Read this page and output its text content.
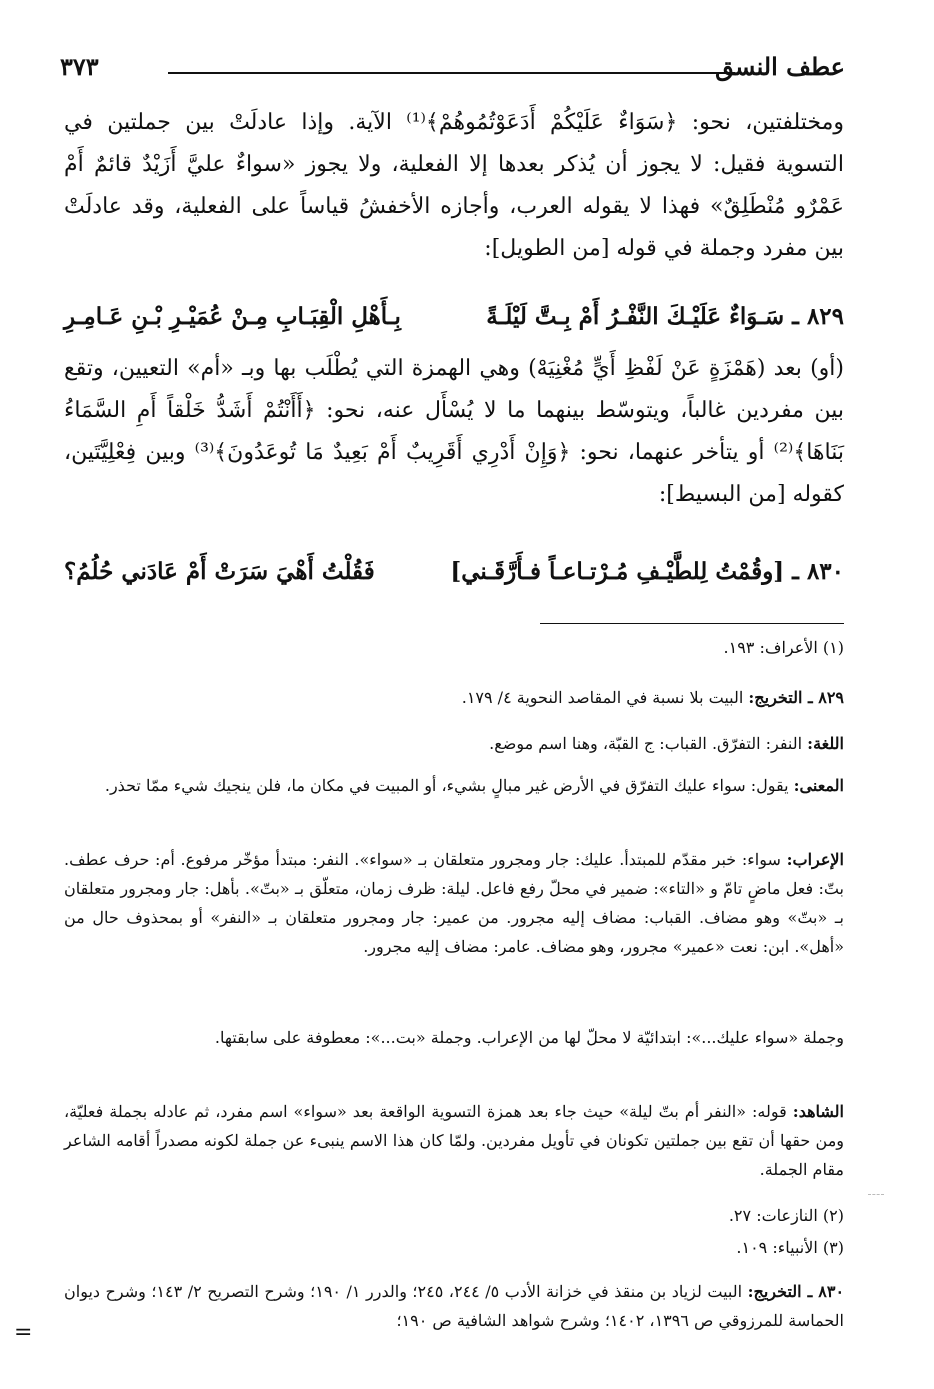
عطف النسق
٣٧٣

ومختلفتين، نحو: ﴿سَوَاءٌ عَلَيْكُمْ أَدَعَوْتُمُوهُمْ﴾⁽¹⁾ الآية. وإذا عادلَتْ بين جملتين في التسوية فقيل: لا يجوز أن يُذكر بعدها إلا الفعلية، ولا يجوز «سواءٌ عليَّ أَزَيْدٌ قائمٌ أَمْ عَمْرٌو مُنْطَلِقٌ» فهذا لا يقوله العرب، وأجازه الأخفشُ قياساً على الفعلية، وقد عادلَتْ بين مفرد وجملة في قوله [من الطويل]:

٨٢٩ ـ سَـوَاءٌ عَلَيْـكَ النَّفْـرُ أَمْ بِـتَّ لَيْلَـةً
بِـأَهْلِ الْقِبَـابِ مِـنْ عُمَيْـرِ بْـنِ عَـامِـرِ

(أو) بعد (هَمْزَةٍ عَنْ لَفْظِ أَيٍّ مُغْنِيَهْ) وهي الهمزة التي يُطْلَب بها وبـ «أم» التعيين، وتقع بين مفردين غالباً، ويتوسّط بينهما ما لا يُسْأَل عنه، نحو: ﴿أَأَنْتُمْ أَشَدُّ خَلْقاً أَمِ السَّمَاءُ بَنَاهَا﴾⁽²⁾ أو يتأخر عنهما، نحو: ﴿وَإِنْ أَدْرِي أَقَرِيبٌ أَمْ بَعِيدٌ مَا تُوعَدُونَ﴾⁽³⁾ وبين فِعْلِيَّتَين، كقوله [من البسيط]:

٨٣٠ ـ [وقُمْتُ لِلطَّيْـفِ مُـرْتـاعـاً فـأَرَّقَـني]
فَقُلْتُ أَهْيَ سَرَتْ أَمْ عَادَني حُلُمُ؟

(١) الأعراف: ١٩٣.

٨٢٩ ـ التخريج: البيت بلا نسبة في المقاصد النحوية ٤/ ١٧٩.

اللغة: النفر: التفرّق. القباب: ج القبّة، وهنا اسم موضع.

المعنى: يقول: سواء عليك التفرّق في الأرض غير مبالٍ بشيء، أو المبيت في مكان ما، فلن ينجيك شيء ممّا تحذر.

الإعراب: سواء: خبر مقدّم للمبتدأ. عليك: جار ومجرور متعلقان بـ «سواء». النفر: مبتدأ مؤخّر مرفوع. أم: حرف عطف. بتّ: فعل ماضٍ تامّ و «التاء»: ضمير في محلّ رفع فاعل. ليلة: ظرف زمان، متعلّق بـ «بتّ». بأهل: جار ومجرور متعلقان بـ «بتّ» وهو مضاف. القباب: مضاف إليه مجرور. من عمير: جار ومجرور متعلقان بـ «النفر» أو بمحذوف حال من «أهل». ابن: نعت «عمير» مجرور، وهو مضاف. عامر: مضاف إليه مجرور.

وجملة «سواء عليك...»: ابتدائيّة لا محلّ لها من الإعراب. وجملة «بت...»: معطوفة على سابقتها.

الشاهد: قوله: «النفر أم بتّ ليلة» حيث جاء بعد همزة التسوية الواقعة بعد «سواء» اسم مفرد، ثم عادله بجملة فعليّة، ومن حقها أن تقع بين جملتين تكونان في تأويل مفردين. ولمّا كان هذا الاسم ينبىء عن جملة لكونه مصدراً أقامه الشاعر مقام الجملة.

(٢) النازعات: ٢٧.

(٣) الأنبياء: ١٠٩.

٨٣٠ ـ التخريج: البيت لزياد بن منقذ في خزانة الأدب ٥/ ٢٤٤، ٢٤٥؛ والدرر ١/ ١٩٠؛ وشرح التصريح ٢/ ١٤٣؛ وشرح ديوان الحماسة للمرزوقي ص ١٣٩٦، ١٤٠٢؛ وشرح شواهد الشافية ص ١٩٠؛

=
